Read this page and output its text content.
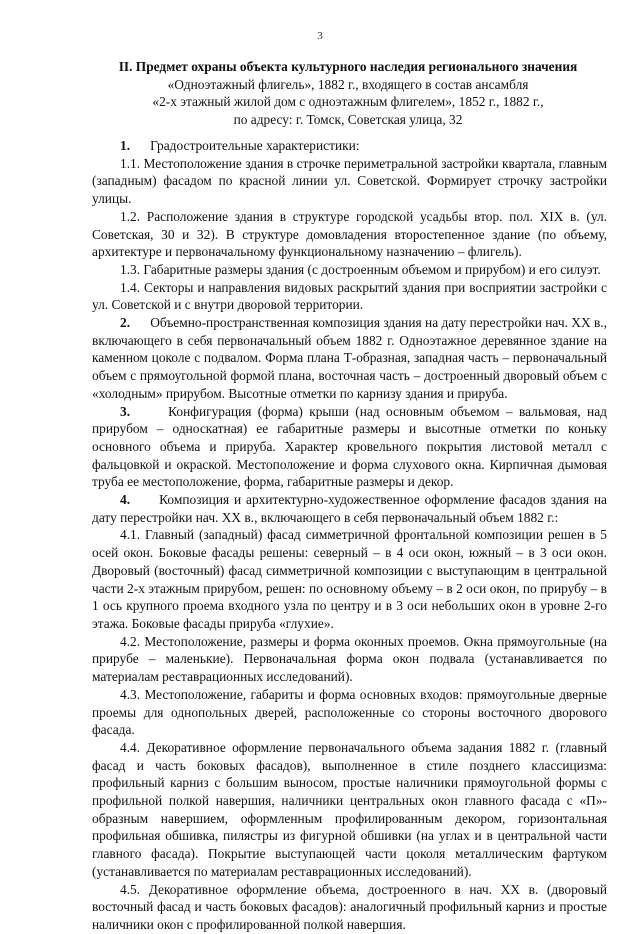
3
II. Предмет охраны объекта культурного наследия регионального значения
«Одноэтажный флигель», 1882 г., входящего в состав ансамбля
«2-х этажный жилой дом с одноэтажным флигелем», 1852 г., 1882 г.,
по адресу: г. Томск, Советская улица, 32

1. Градостроительные характеристики:

1.1. Местоположение здания в строчке периметральной застройки квартала, главным (западным) фасадом по красной линии ул. Советской. Формирует строчку застройки улицы.

1.2. Расположение здания в структуре городской усадьбы втор. пол. XIX в. (ул. Советская, 30 и 32). В структуре домовладения второстепенное здание (по объему, архитектуре и первоначальному функциональному назначению – флигель).

1.3. Габаритные размеры здания (с достроенным объемом и прирубом) и его силуэт.

1.4. Секторы и направления видовых раскрытий здания при восприятии застройки с ул. Советской и с внутри дворовой территории.

2. Объемно-пространственная композиция здания на дату перестройки нач. XX в., включающего в себя первоначальный объем 1882 г. Одноэтажное деревянное здание на каменном цоколе с подвалом. Форма плана Т-образная, западная часть – первоначальный объем с прямоугольной формой плана, восточная часть – достроенный дворовый объем с «холодным» прирубом. Высотные отметки по карнизу здания и прируба.

3.	Конфигурация (форма) крыши (над основным объемом – вальмовая, над прирубом – односкатная) ее габаритные размеры и высотные отметки по коньку основного объема и прируба. Характер кровельного покрытия листовой металл с фальцовкой и окраской. Местоположение и форма слухового окна. Кирпичная дымовая труба ее местоположение, форма, габаритные размеры и декор.

4. Композиция и архитектурно-художественное оформление фасадов здания на дату перестройки нач. XX в., включающего в себя первоначальный объем 1882 г.:

4.1. Главный (западный) фасад симметричной фронтальной композиции решен в 5 осей окон. Боковые фасады решены: северный – в 4 оси окон, южный – в 3 оси окон. Дворовый (восточный) фасад симметричной композиции с выступающим в центральной части 2-х этажным прирубом, решен: по основному объему – в 2 оси окон, по прирубу – в 1 ось крупного проема входного узла по центру и в 3 оси небольших окон в уровне 2-го этажа. Боковые фасады прируба «глухие».

4.2. Местоположение, размеры и форма оконных проемов. Окна прямоугольные (на прирубе – маленькие). Первоначальная форма окон подвала (устанавливается по материалам реставрационных исследований).

4.3. Местоположение, габариты и форма основных входов: прямоугольные дверные проемы для однопольных дверей, расположенные со стороны восточного дворового фасада.

4.4. Декоративное оформление первоначального объема задания 1882 г. (главный фасад и часть боковых фасадов), выполненное в стиле позднего классицизма: профильный карниз с большим выносом, простые наличники прямоугольной формы с профильной полкой навершия, наличники центральных окон главного фасада с «П»-образным навершием, оформленным профилированным декором, горизонтальная профильная обшивка, пилястры из фигурной обшивки (на углах и в центральной части главного фасада). Покрытие выступающей части цоколя металлическим фартуком (устанавливается по материалам реставрационных исследований).

4.5. Декоративное оформление объема, достроенного в нач. XX в. (дворовый восточный фасад и часть боковых фасадов): аналогичный профильный карниз и простые наличники окон с профилированной полкой навершия.
